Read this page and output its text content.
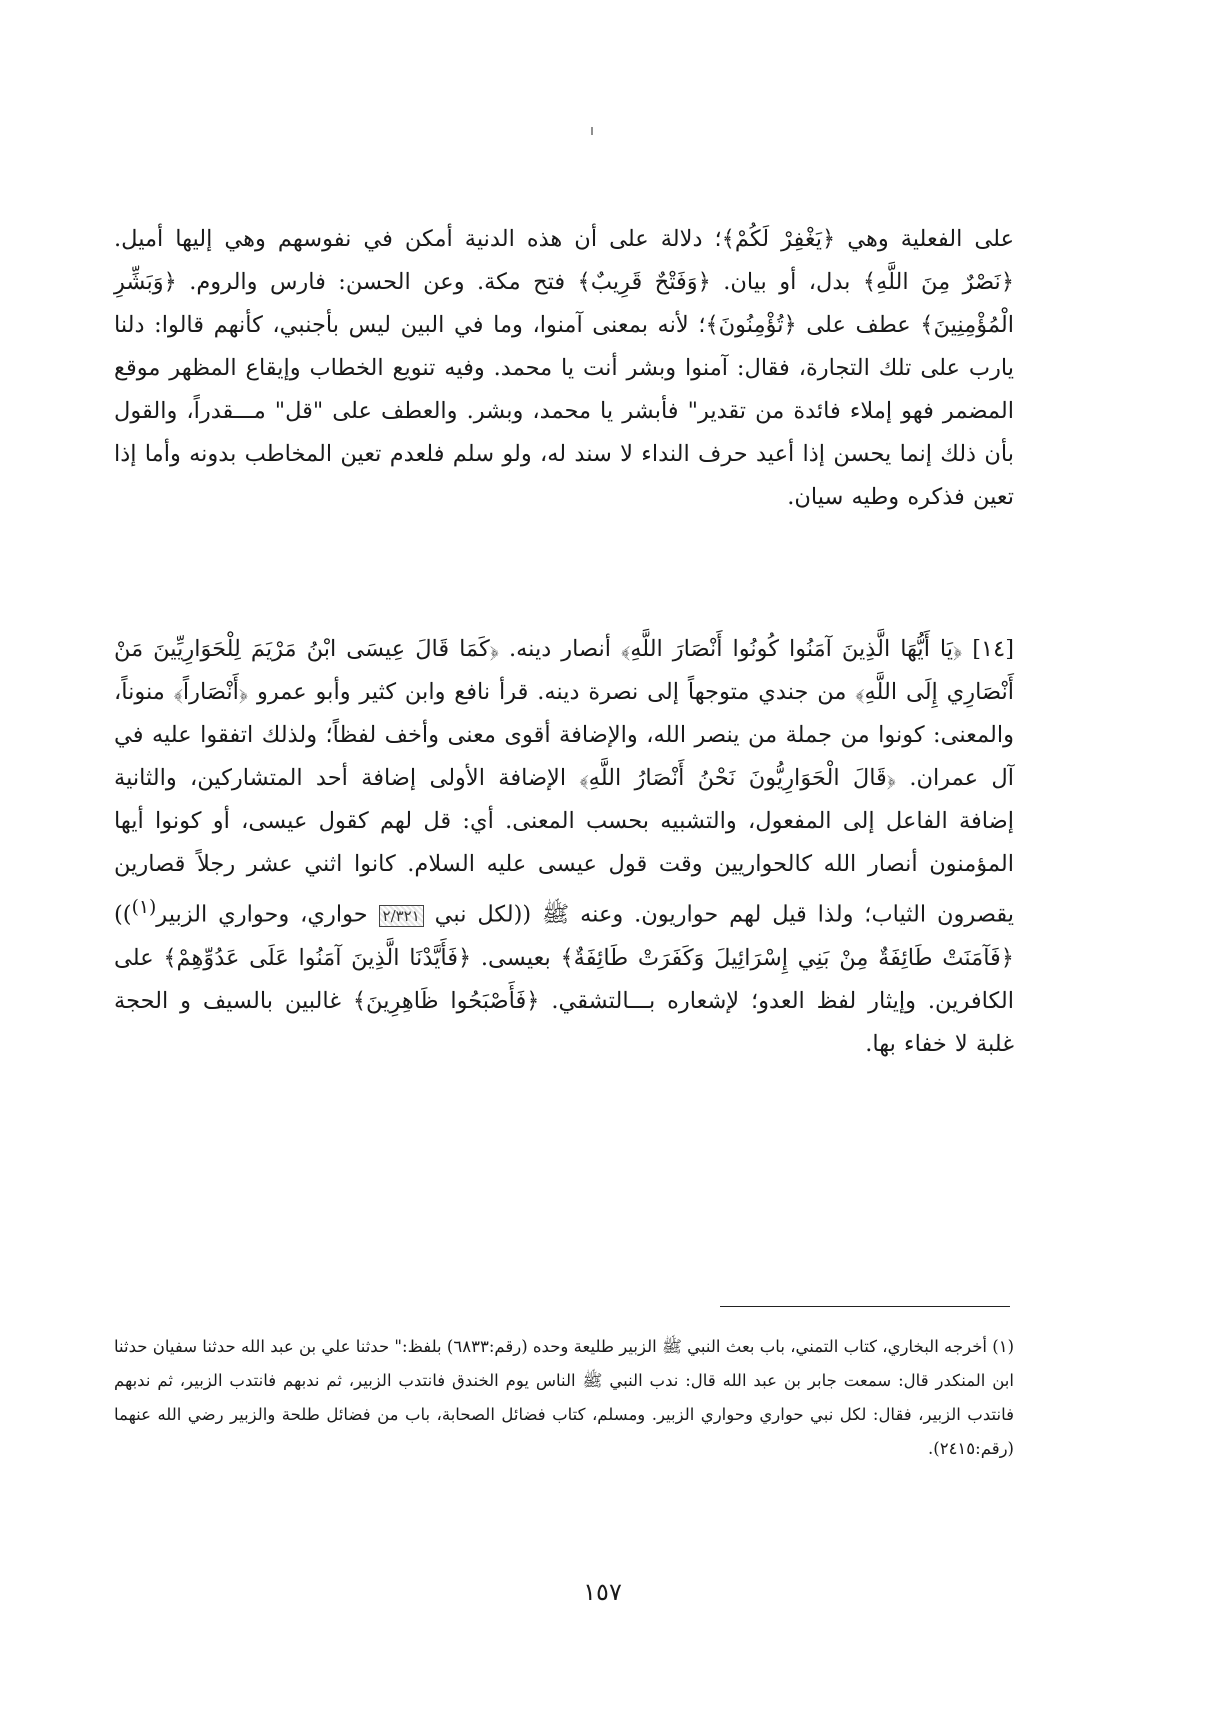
على الفعلية وهي ﴿يَغْفِرْ لَكُمْ﴾؛ دلالة على أن هذه الدنية أمكن في نفوسهم وهي إليها أميل. ﴿نَصْرٌ مِنَ اللَّهِ﴾ بدل، أو بيان. ﴿وَفَتْحٌ قَرِيبٌ﴾ فتح مكة. وعن الحسن: فارس والروم. ﴿وَبَشِّرِ الْمُؤْمِنِينَ﴾ عطف على ﴿تُؤْمِنُونَ﴾؛ لأنه بمعنى آمنوا، وما في البين ليس بأجنبي، كأنهم قالوا: دلنا يارب على تلك التجارة، فقال: آمنوا وبشر أنت يا محمد. وفيه تنويع الخطاب وإيقاع المظهر موقع المضمر فهو إملاء فائدة من تقدير" فأبشر يا محمد، وبشر. والعطف على "قل" مـــقدراً، والقول بأن ذلك إنما يحسن إذا أعيد حرف النداء لا سند له، ولو سلم فلعدم تعين المخاطب بدونه وأما إذا تعين فذكره وطيه سيان.

[١٤] ﴿يَا أَيُّهَا الَّذِينَ آمَنُوا كُونُوا أَنْصَارَ اللَّهِ﴾ أنصار دينه. ﴿كَمَا قَالَ عِيسَى ابْنُ مَرْيَمَ لِلْحَوَارِيِّينَ مَنْ أَنْصَارِي إِلَى اللَّهِ﴾ من جندي متوجهاً إلى نصرة دينه. قرأ نافع وابن كثير وأبو عمرو ﴿أَنْصَاراً﴾ منوناً، والمعنى: كونوا من جملة من ينصر الله، والإضافة أقوى معنى وأخف لفظاً؛ ولذلك اتفقوا عليه في آل عمران. ﴿قَالَ الْحَوَارِيُّونَ نَحْنُ أَنْصَارُ اللَّهِ﴾ الإضافة الأولى إضافة أحد المتشاركين، والثانية إضافة الفاعل إلى المفعول، والتشبيه بحسب المعنى. أي: قل لهم كقول عيسى، أو كونوا أيها المؤمنون أنصار الله كالحواريين وقت قول عيسى عليه السلام. كانوا اثني عشر رجلاً قصارين يقصرون الثياب؛ ولذا قيل لهم حواريون. وعنه ﷺ ((لكل نبي ٢/٣٢١ حواري، وحواري الزبير$^{(١)}$)) ﴿فَآمَنَتْ طَائِفَةٌ مِنْ بَنِي إِسْرَائِيلَ وَكَفَرَتْ طَائِفَةٌ﴾ بعيسى. ﴿فَأَيَّدْنَا الَّذِينَ آمَنُوا عَلَى عَدُوِّهِمْ﴾ على الكافرين. وإيثار لفظ العدو؛ لإشعاره بـــالتشقي. ﴿فَأَصْبَحُوا ظَاهِرِينَ﴾ غالبين بالسيف و الحجة غلبة لا خفاء بها.

(١) أخرجه البخاري، كتاب التمني، باب بعث النبي ﷺ الزبير طليعة وحده (رقم:٦٨٣٣) بلفظ:" حدثنا علي بن عبد الله حدثنا سفيان حدثنا ابن المنكدر قال: سمعت جابر بن عبد الله قال: ندب النبي ﷺ الناس يوم الخندق فانتدب الزبير، ثم ندبهم فانتدب الزبير، ثم ندبهم فانتدب الزبير، فقال: لكل نبي حواري وحواري الزبير. ومسلم، كتاب فضائل الصحابة، باب من فضائل طلحة والزبير رضي الله عنهما (رقم:٢٤١٥).

١٥٧
